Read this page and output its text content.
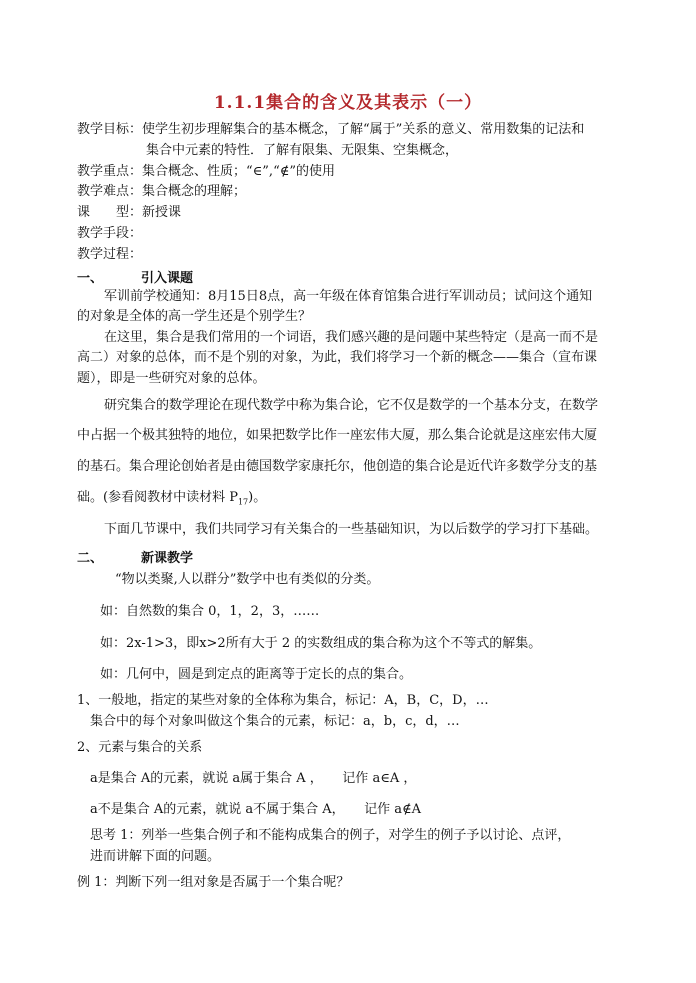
1.1.1集合的含义及其表示（一）
教学目标：使学生初步理解集合的基本概念，了解“属于”关系的意义、常用数集的记法和
集合中元素的特性．了解有限集、无限集、空集概念，
教学重点：集合概念、性质；“∈”,“∉”的使用
教学难点：集合概念的理解；
课　　型：新授课
教学手段：
教学过程：
一、	引入课题
军训前学校通知：8月15日8点，高一年级在体育馆集合进行军训动员；试问这个通知
的对象是全体的高一学生还是个别学生？
在这里，集合是我们常用的一个词语，我们感兴趣的是问题中某些特定（是高一而不是
高二）对象的总体，而不是个别的对象，为此，我们将学习一个新的概念——集合（宣布课
题），即是一些研究对象的总体。
研究集合的数学理论在现代数学中称为集合论，它不仅是数学的一个基本分支，在数学
中占据一个极其独特的地位，如果把数学比作一座宏伟大厦，那么集合论就是这座宏伟大厦
的基石。集合理论创始者是由德国数学家康托尔，他创造的集合论是近代许多数学分支的基
础。(参看阅教材中读材料 $P_{17}$)。
下面几节课中，我们共同学习有关集合的一些基础知识，为以后数学的学习打下基础。
二、	新课教学
“物以类聚,人以群分”数学中也有类似的分类。
如：自然数的集合 0，1，2，3，……
如：2x-1>3，即x>2所有大于 2 的实数组成的集合称为这个不等式的解集。
如：几何中，圆是到定点的距离等于定长的点的集合。
1、一般地，指定的某些对象的全体称为集合，标记：A，B，C，D，…
集合中的每个对象叫做这个集合的元素，标记：a，b，c，d，…
2、元素与集合的关系
a是集合 A的元素，就说 a属于集合 A ，　　记作 a∈A ，
a不是集合 A的元素，就说 a不属于集合 A，　　记作 a∉A
思考 1：列举一些集合例子和不能构成集合的例子，对学生的例子予以讨论、点评，
进而讲解下面的问题。
例 1：判断下列一组对象是否属于一个集合呢？
